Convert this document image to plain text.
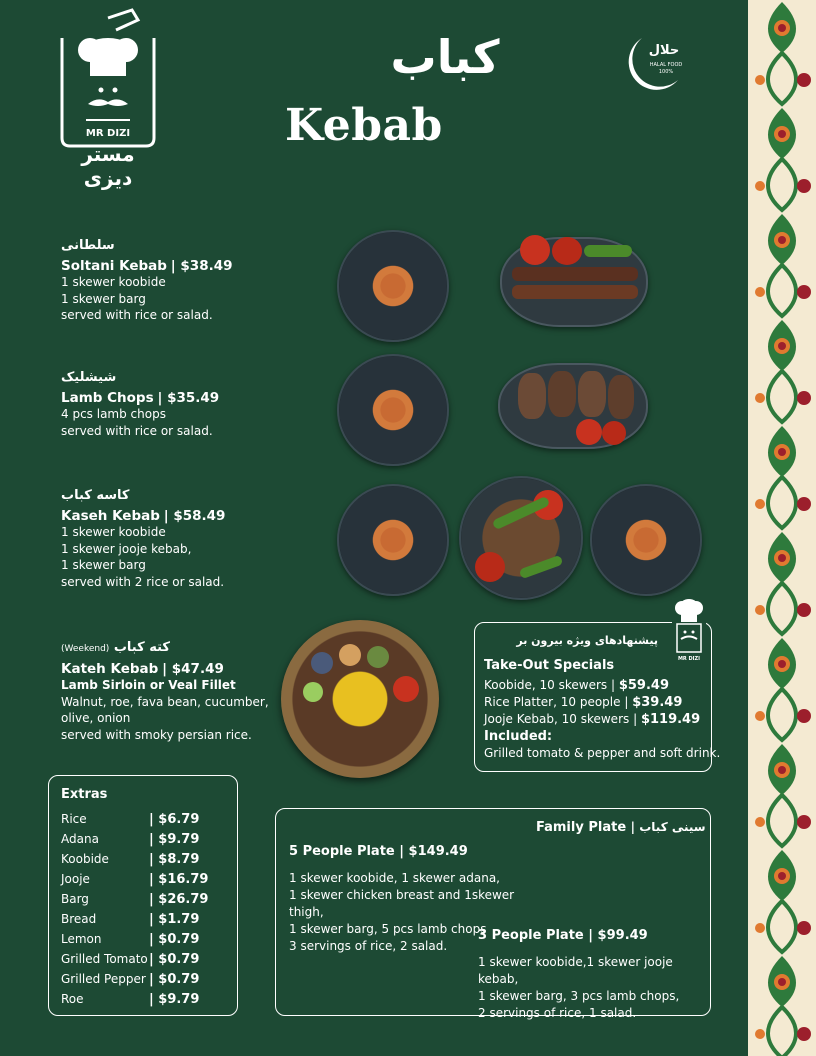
MR DIZI
مستر دیزی
کباب
Kebab
حلال
HALAL FOOD
100%
سلطانی
Soltani Kebab | $38.49
1 skewer koobide
1 skewer barg
served with rice or salad.
شیشلیک
Lamb Chops | $35.49
4 pcs lamb chops
served with rice or salad.
کاسه کباب
Kaseh Kebab | $58.49
1 skewer koobide
1 skewer jooje kebab,
1 skewer barg
served with 2 rice or salad.
(Weekend) کته کباب
Kateh Kebab | $47.49
Lamb Sirloin or Veal Fillet
Walnut, roe, fava bean, cucumber,
olive, onion
served with smoky persian rice.
Extras
Rice	| $6.79
Adana	| $9.79
Koobide	| $8.79
Jooje	| $16.79
Barg	| $26.79
Bread	| $1.79
Lemon	| $0.79
Grilled Tomato | $0.79
Grilled Pepper | $0.79
Roe	| $9.79
MR DIZI
پیشنهادهای ویژه بیرون بر
Take-Out Specials
Koobide, 10 skewers | $59.49
Rice Platter, 10 people | $39.49
Jooje Kebab, 10 skewers | $119.49
Included:
Grilled tomato & pepper and soft drink.
Family Plate | سینی کباب
5 People Plate | $149.49
1 skewer koobide, 1 skewer adana,
1 skewer chicken breast and 1skewer thigh,
1 skewer barg, 5 pcs lamb chops
3 servings of rice, 2 salad.
3 People Plate | $99.49
1 skewer koobide,1 skewer jooje kebab,
1 skewer barg, 3 pcs lamb chops,
2 servings of rice, 1 salad.
